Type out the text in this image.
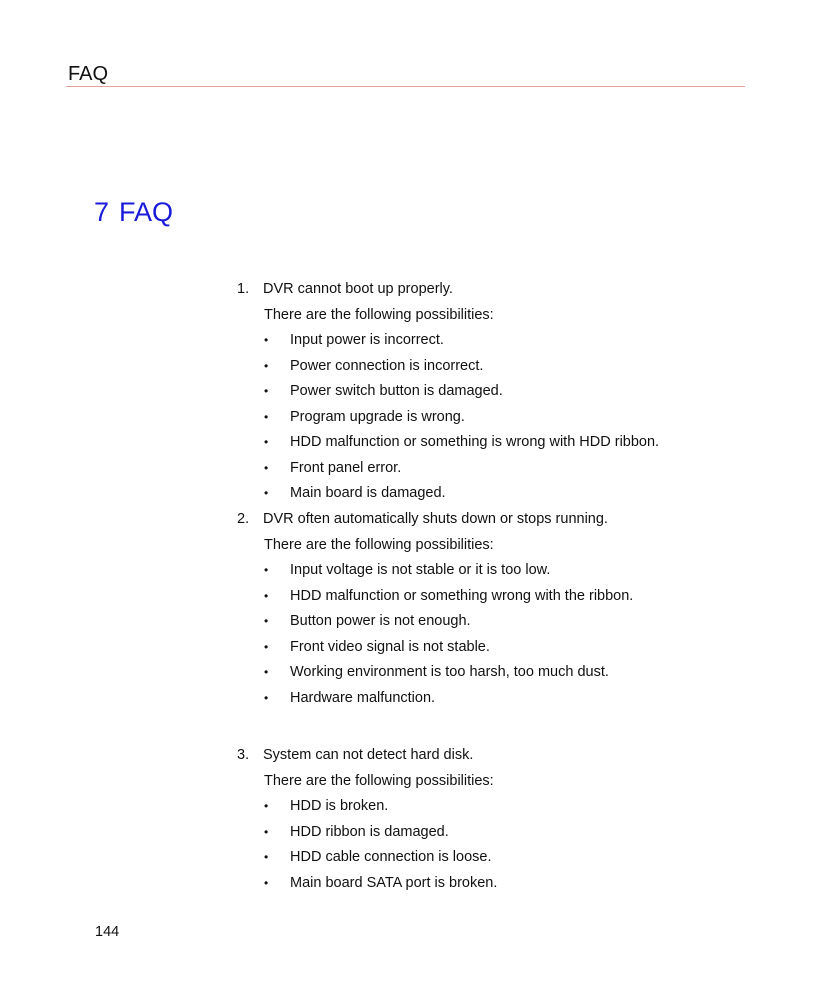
FAQ
7 FAQ
1. DVR cannot boot up properly.
There are the following possibilities:
• Input power is incorrect.
• Power connection is incorrect.
• Power switch button is damaged.
• Program upgrade is wrong.
• HDD malfunction or something is wrong with HDD ribbon.
• Front panel error.
• Main board is damaged.
2. DVR often automatically shuts down or stops running.
There are the following possibilities:
• Input voltage is not stable or it is too low.
• HDD malfunction or something wrong with the ribbon.
• Button power is not enough.
• Front video signal is not stable.
• Working environment is too harsh, too much dust.
• Hardware malfunction.
3. System can not detect hard disk.
There are the following possibilities:
• HDD is broken.
• HDD ribbon is damaged.
• HDD cable connection is loose.
• Main board SATA port is broken.
144
